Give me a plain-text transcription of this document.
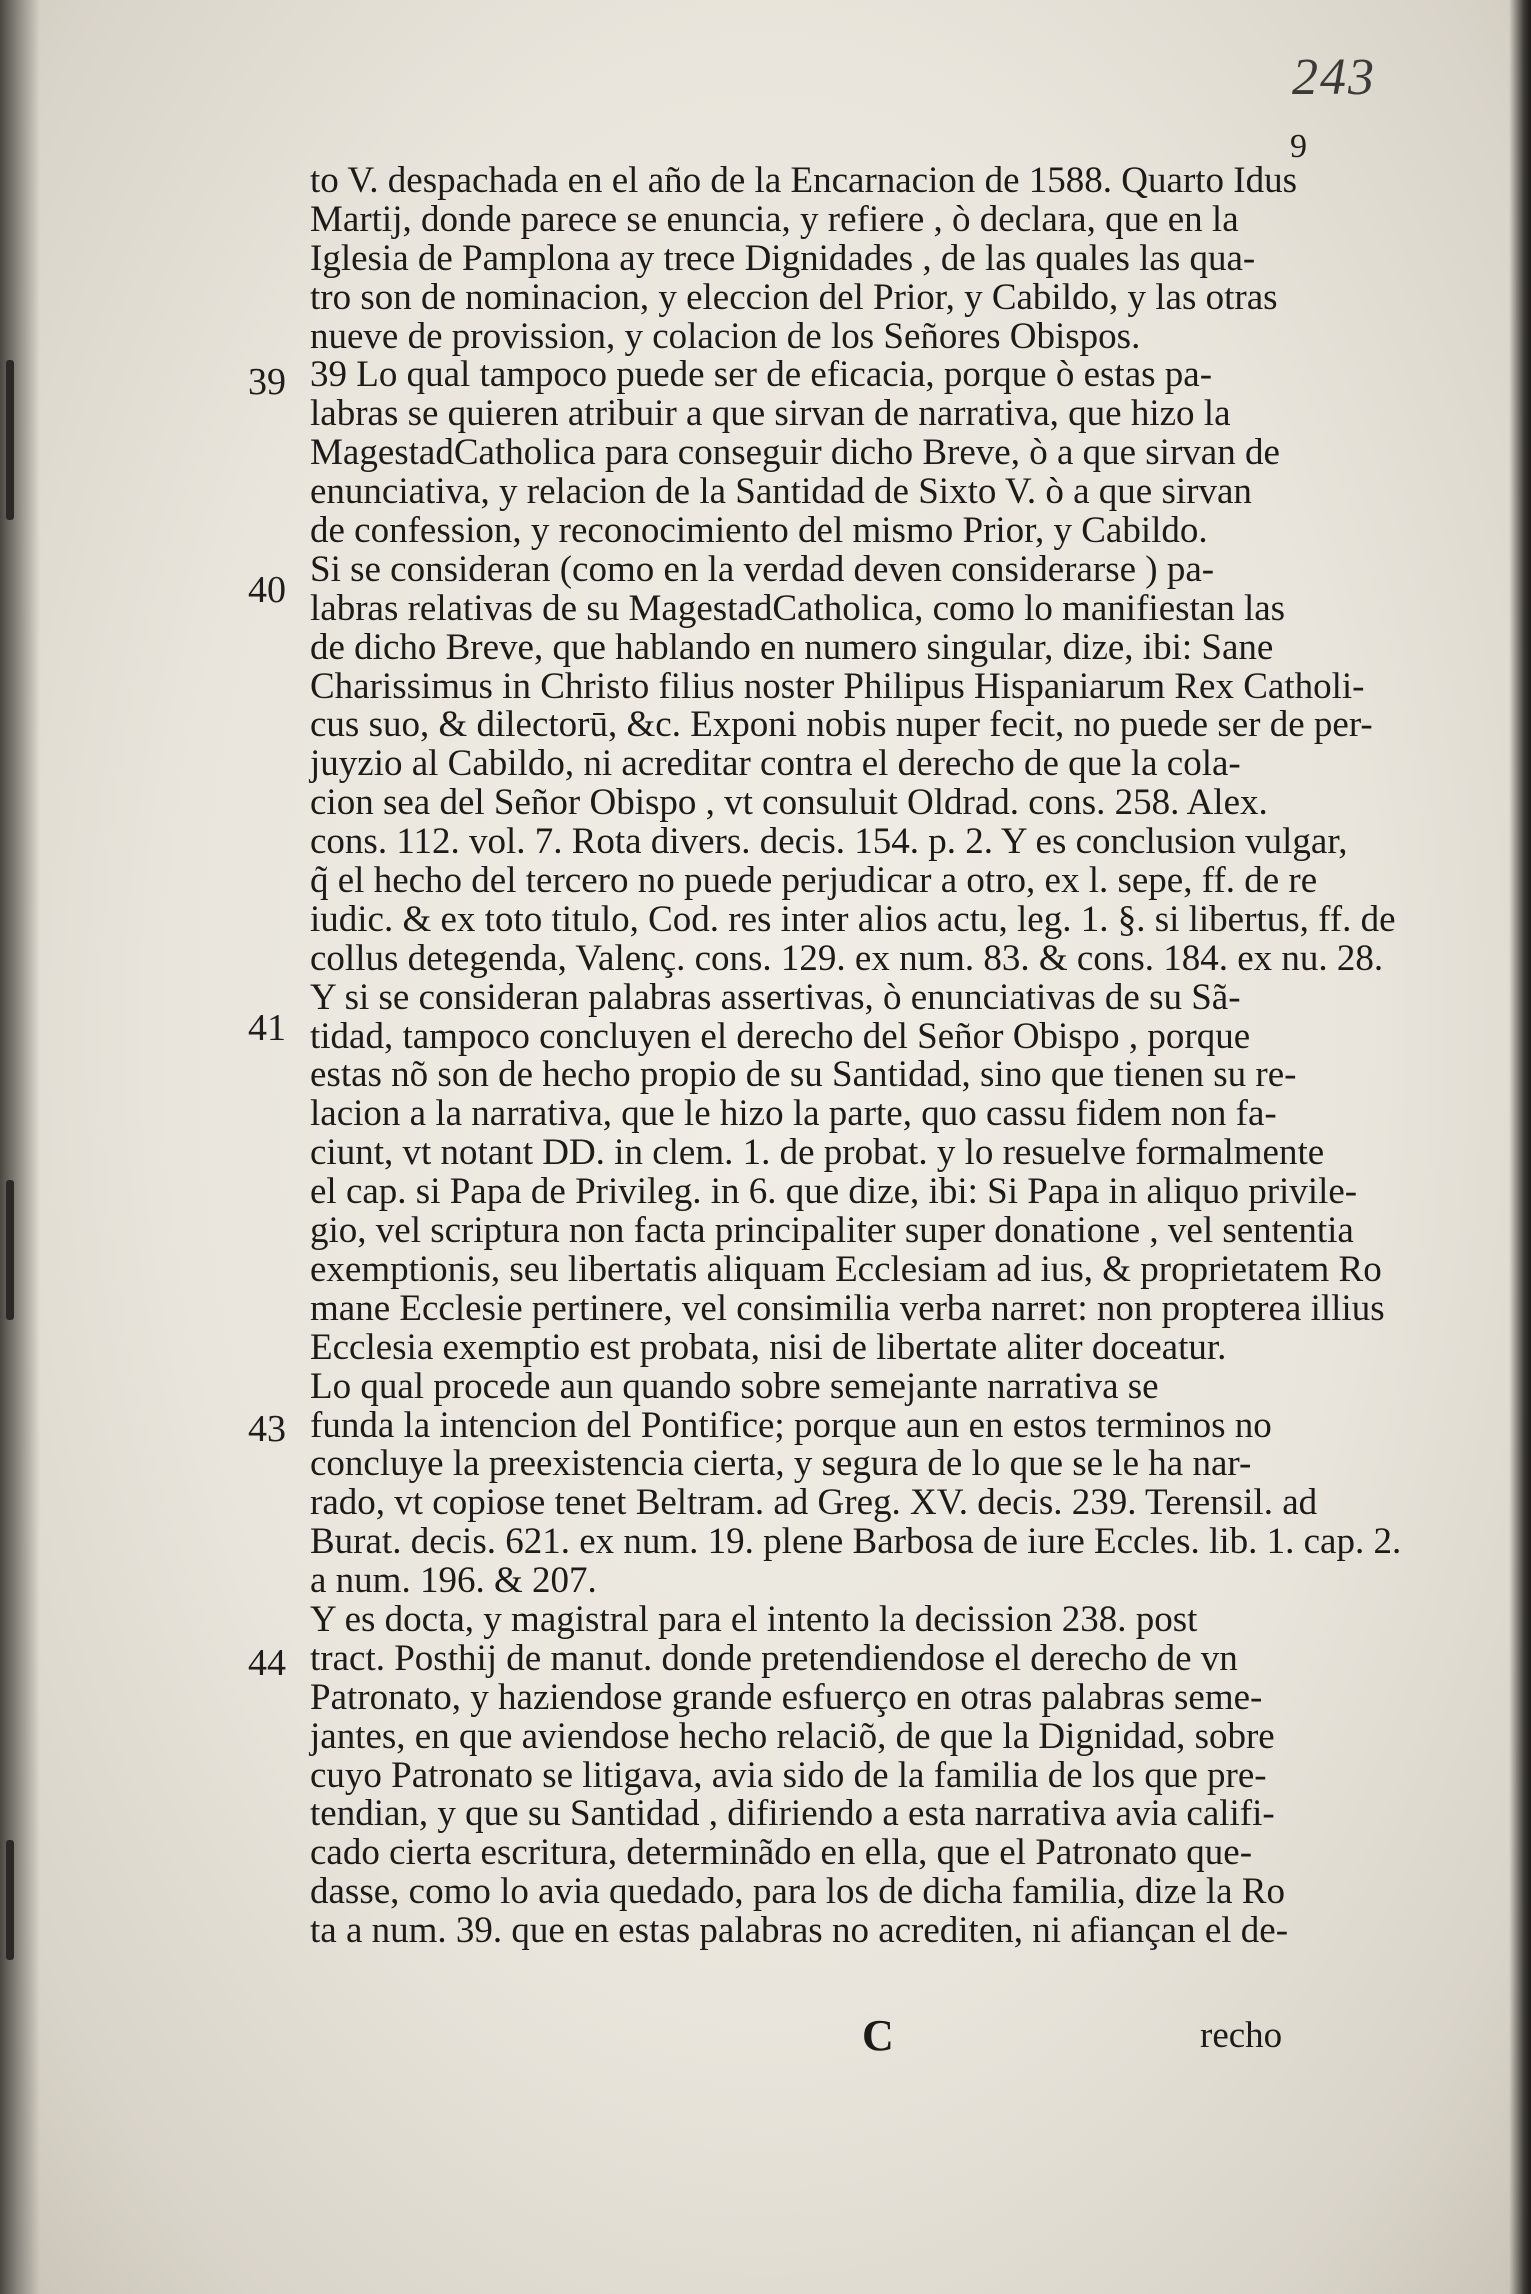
243
9
39
40
41
43
44
to V. despachada en el año de la Encarnacion de 1588. Quarto Idus
Martij, donde parece se enuncia, y refiere , ò declara, que en la
Iglesia de Pamplona ay trece Dignidades , de las quales las qua-
tro son de nominacion, y eleccion del Prior, y Cabildo, y las otras
nueve de provission, y colacion de los Señores Obispos.
39 Lo qual tampoco puede ser de eficacia, porque ò estas pa-
labras se quieren atribuir a que sirvan de narrativa, que hizo la
MagestadCatholica para conseguir dicho Breve, ò a que sirvan de
enunciativa, y relacion de la Santidad de Sixto V. ò a que sirvan
de confession, y reconocimiento del mismo Prior, y Cabildo.
Si se consideran (como en la verdad deven considerarse ) pa-
labras relativas de su MagestadCatholica, como lo manifiestan las
de dicho Breve, que hablando en numero singular, dize, ibi: Sane
Charissimus in Christo filius noster Philipus Hispaniarum Rex Catholi-
cus suo, & dilectorū, &c. Exponi nobis nuper fecit, no puede ser de per-
juyzio al Cabildo, ni acreditar contra el derecho de que la cola-
cion sea del Señor Obispo , vt consuluit Oldrad. cons. 258. Alex.
cons. 112. vol. 7. Rota divers. decis. 154. p. 2. Y es conclusion vulgar,
q̃ el hecho del tercero no puede perjudicar a otro, ex l. sepe, ff. de re
iudic. & ex toto titulo, Cod. res inter alios actu, leg. 1. §. si libertus, ff. de
collus detegenda, Valenç. cons. 129. ex num. 83. & cons. 184. ex nu. 28.
Y si se consideran palabras assertivas, ò enunciativas de su Sã-
tidad, tampoco concluyen el derecho del Señor Obispo , porque
estas nõ son de hecho propio de su Santidad, sino que tienen su re-
lacion a la narrativa, que le hizo la parte, quo cassu fidem non fa-
ciunt, vt notant DD. in clem. 1. de probat. y lo resuelve formalmente
el cap. si Papa de Privileg. in 6. que dize, ibi: Si Papa in aliquo privile-
gio, vel scriptura non facta principaliter super donatione , vel sententia
exemptionis, seu libertatis aliquam Ecclesiam ad ius, & proprietatem Ro
mane Ecclesie pertinere, vel consimilia verba narret: non propterea illius
Ecclesia exemptio est probata, nisi de libertate aliter doceatur.
Lo qual procede aun quando sobre semejante narrativa se
funda la intencion del Pontifice; porque aun en estos terminos no
concluye la preexistencia cierta, y segura de lo que se le ha nar-
rado, vt copiose tenet Beltram. ad Greg. XV. decis. 239. Terensil. ad
Burat. decis. 621. ex num. 19. plene Barbosa de iure Eccles. lib. 1. cap. 2.
a num. 196. & 207.
Y es docta, y magistral para el intento la decission 238. post
tract. Posthij de manut. donde pretendiendose el derecho de vn
Patronato, y haziendose grande esfuerço en otras palabras seme-
jantes, en que aviendose hecho relaciõ, de que la Dignidad, sobre
cuyo Patronato se litigava, avia sido de la familia de los que pre-
tendian, y que su Santidad , difiriendo a esta narrativa avia califi-
cado cierta escritura, determinãdo en ella, que el Patronato que-
dasse, como lo avia quedado, para los de dicha familia, dize la Ro
ta a num. 39. que en estas palabras no acrediten, ni afiançan el de-
C	recho
